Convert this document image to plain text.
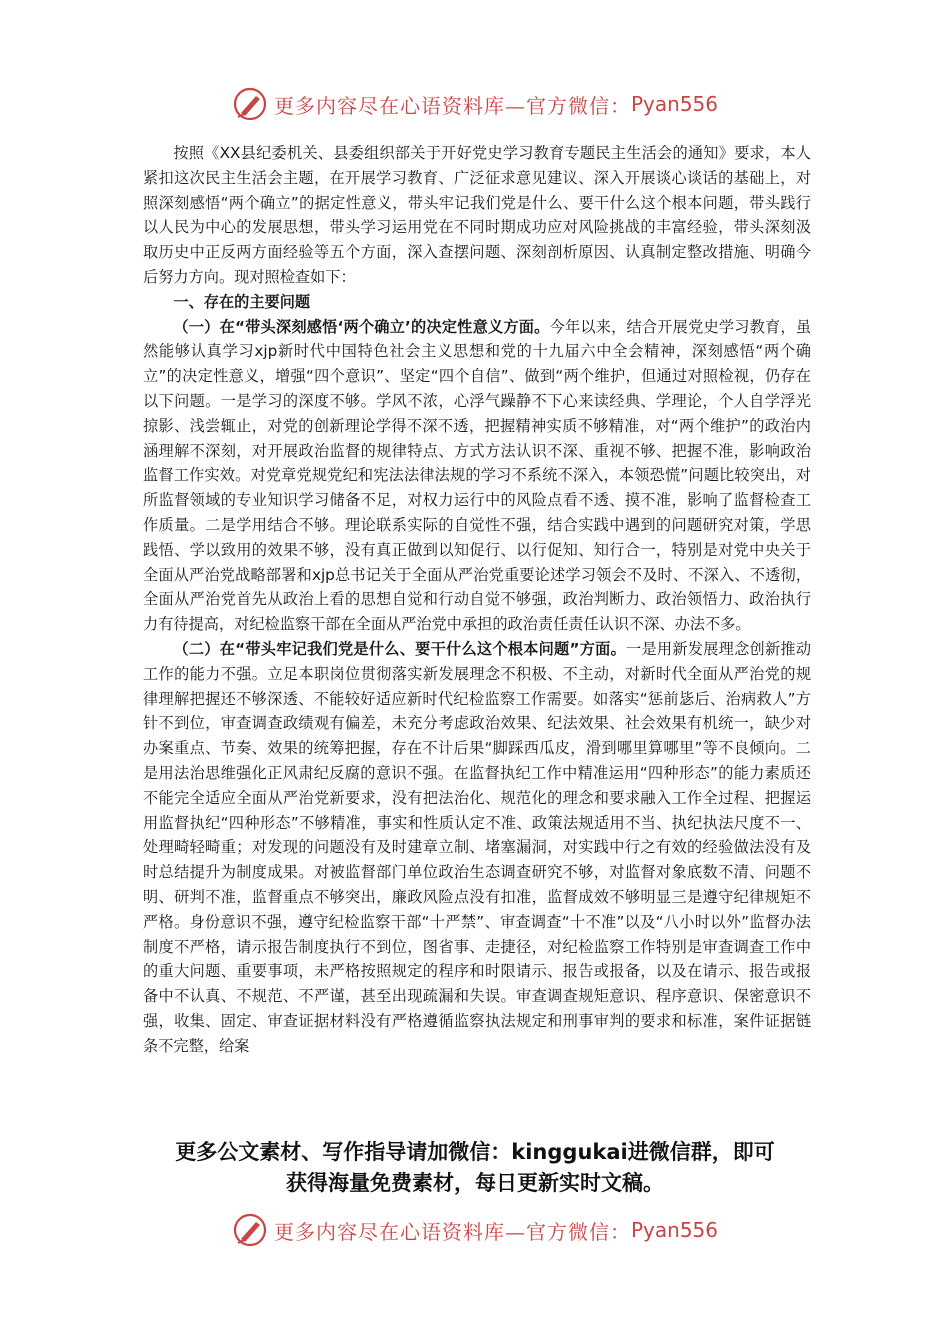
更多内容尽在心语资料库—官方微信： Pyan556

按照《XX县纪委机关、县委组织部关于开好党史学习教育专题民主生活会的通知》要求，本人紧扣这次民主生活会主题，在开展学习教育、广泛征求意见建议、深入开展谈心谈话的基础上，对照深刻感悟“两个确立”的据定性意义，带头牢记我们党是什么、要干什么这个根本问题，带头践行以人民为中心的发展思想，带头学习运用党在不同时期成功应对风险挑战的丰富经验，带头深刻汲取历史中正反两方面经验等五个方面，深入查摆问题、深刻剖析原因、认真制定整改措施、明确今后努力方向。现对照检查如下：

一、存在的主要问题

（一）在“带头深刻感悟‘两个确立’的决定性意义方面。今年以来，结合开展党史学习教育，虽然能够认真学习xjp新时代中国特色社会主义思想和党的十九届六中全会精神，深刻感悟“两个确立”的决定性意义，增强“四个意识”、坚定“四个自信”、做到“两个维护，但通过对照检视，仍存在以下问题。一是学习的深度不够。学风不浓，心浮气躁静不下心来读经典、学理论，个人自学浮光掠影、浅尝辄止，对党的创新理论学得不深不透，把握精神实质不够精准，对“两个维护”的政治内涵理解不深刻，对开展政治监督的规律特点、方式方法认识不深、重视不够、把握不准，影响政治监督工作实效。对党章党规党纪和宪法法律法规的学习不系统不深入，本领恐慌”问题比较突出，对所监督领域的专业知识学习储备不足，对权力运行中的风险点看不透、摸不准，影响了监督检查工作质量。二是学用结合不够。理论联系实际的自觉性不强，结合实践中遇到的问题研究对策，学思践悟、学以致用的效果不够，没有真正做到以知促行、以行促知、知行合一，特别是对党中央关于全面从严治党战略部署和xjp总书记关于全面从严治党重要论述学习领会不及时、不深入、不透彻，全面从严治党首先从政治上看的思想自觉和行动自觉不够强，政治判断力、政治领悟力、政治执行力有待提高，对纪检监察干部在全面从严治党中承担的政治责任责任认识不深、办法不多。

（二）在“带头牢记我们党是什么、要干什么这个根本问题”方面。一是用新发展理念创新推动工作的能力不强。立足本职岗位贯彻落实新发展理念不积极、不主动，对新时代全面从严治党的规律理解把握还不够深透、不能较好适应新时代纪检监察工作需要。如落实“惩前毖后、治病救人”方针不到位，审查调查政绩观有偏差，未充分考虑政治效果、纪法效果、社会效果有机统一，缺少对办案重点、节奏、效果的统筹把握，存在不计后果“脚踩西瓜皮，滑到哪里算哪里”等不良倾向。二是用法治思维强化正风肃纪反腐的意识不强。在监督执纪工作中精准运用“四种形态”的能力素质还不能完全适应全面从严治党新要求，没有把法治化、规范化的理念和要求融入工作全过程、把握运用监督执纪“四种形态”不够精准，事实和性质认定不准、政策法规适用不当、执纪执法尺度不一、处理畸轻畸重；对发现的问题没有及时建章立制、堵塞漏洞，对实践中行之有效的经验做法没有及时总结提升为制度成果。对被监督部门单位政治生态调查研究不够，对监督对象底数不清、问题不明、研判不准，监督重点不够突出，廉政风险点没有扣准，监督成效不够明显三是遵守纪律规矩不严格。身份意识不强，遵守纪检监察干部“十严禁”、审查调查“十不准”以及“八小时以外”监督办法制度不严格，请示报告制度执行不到位，图省事、走捷径，对纪检监察工作特别是审查调查工作中的重大问题、重要事项，未严格按照规定的程序和时限请示、报告或报备，以及在请示、报告或报备中不认真、不规范、不严谨，甚至出现疏漏和失误。审查调查规矩意识、程序意识、保密意识不强，收集、固定、审查证据材料没有严格遵循监察执法规定和刑事审判的要求和标准，案件证据链条不完整，给案

更多公文素材、写作指导请加微信：kinggukai进微信群，即可
获得海量免费素材，每日更新实时文稿。
更多内容尽在心语资料库—官方微信： Pyan556
